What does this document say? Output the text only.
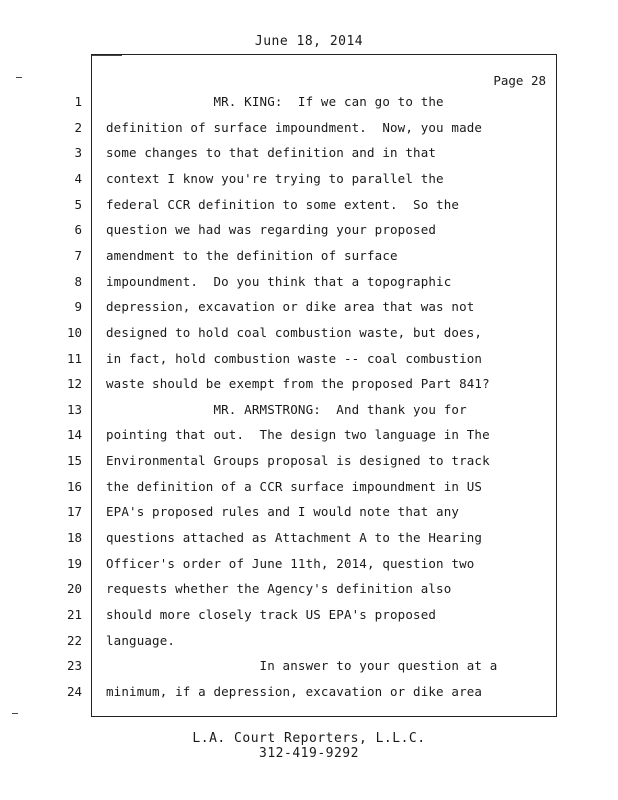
June 18, 2014
Page 28
1 MR. KING:  If we can go to the
2 definition of surface impoundment.  Now, you made
3 some changes to that definition and in that
4 context I know you're trying to parallel the
5 federal CCR definition to some extent.  So the
6 question we had was regarding your proposed
7 amendment to the definition of surface
8 impoundment.  Do you think that a topographic
9 depression, excavation or dike area that was not
10 designed to hold coal combustion waste, but does,
11 in fact, hold combustion waste -- coal combustion
12 waste should be exempt from the proposed Part 841?
13 MR. ARMSTRONG:  And thank you for
14 pointing that out.  The design two language in The
15 Environmental Groups proposal is designed to track
16 the definition of a CCR surface impoundment in US
17 EPA's proposed rules and I would note that any
18 questions attached as Attachment A to the Hearing
19 Officer's order of June 11th, 2014, question two
20 requests whether the Agency's definition also
21 should more closely track US EPA's proposed
22 language.
23 In answer to your question at a
24 minimum, if a depression, excavation or dike area
L.A. Court Reporters, L.L.C.
312-419-9292
